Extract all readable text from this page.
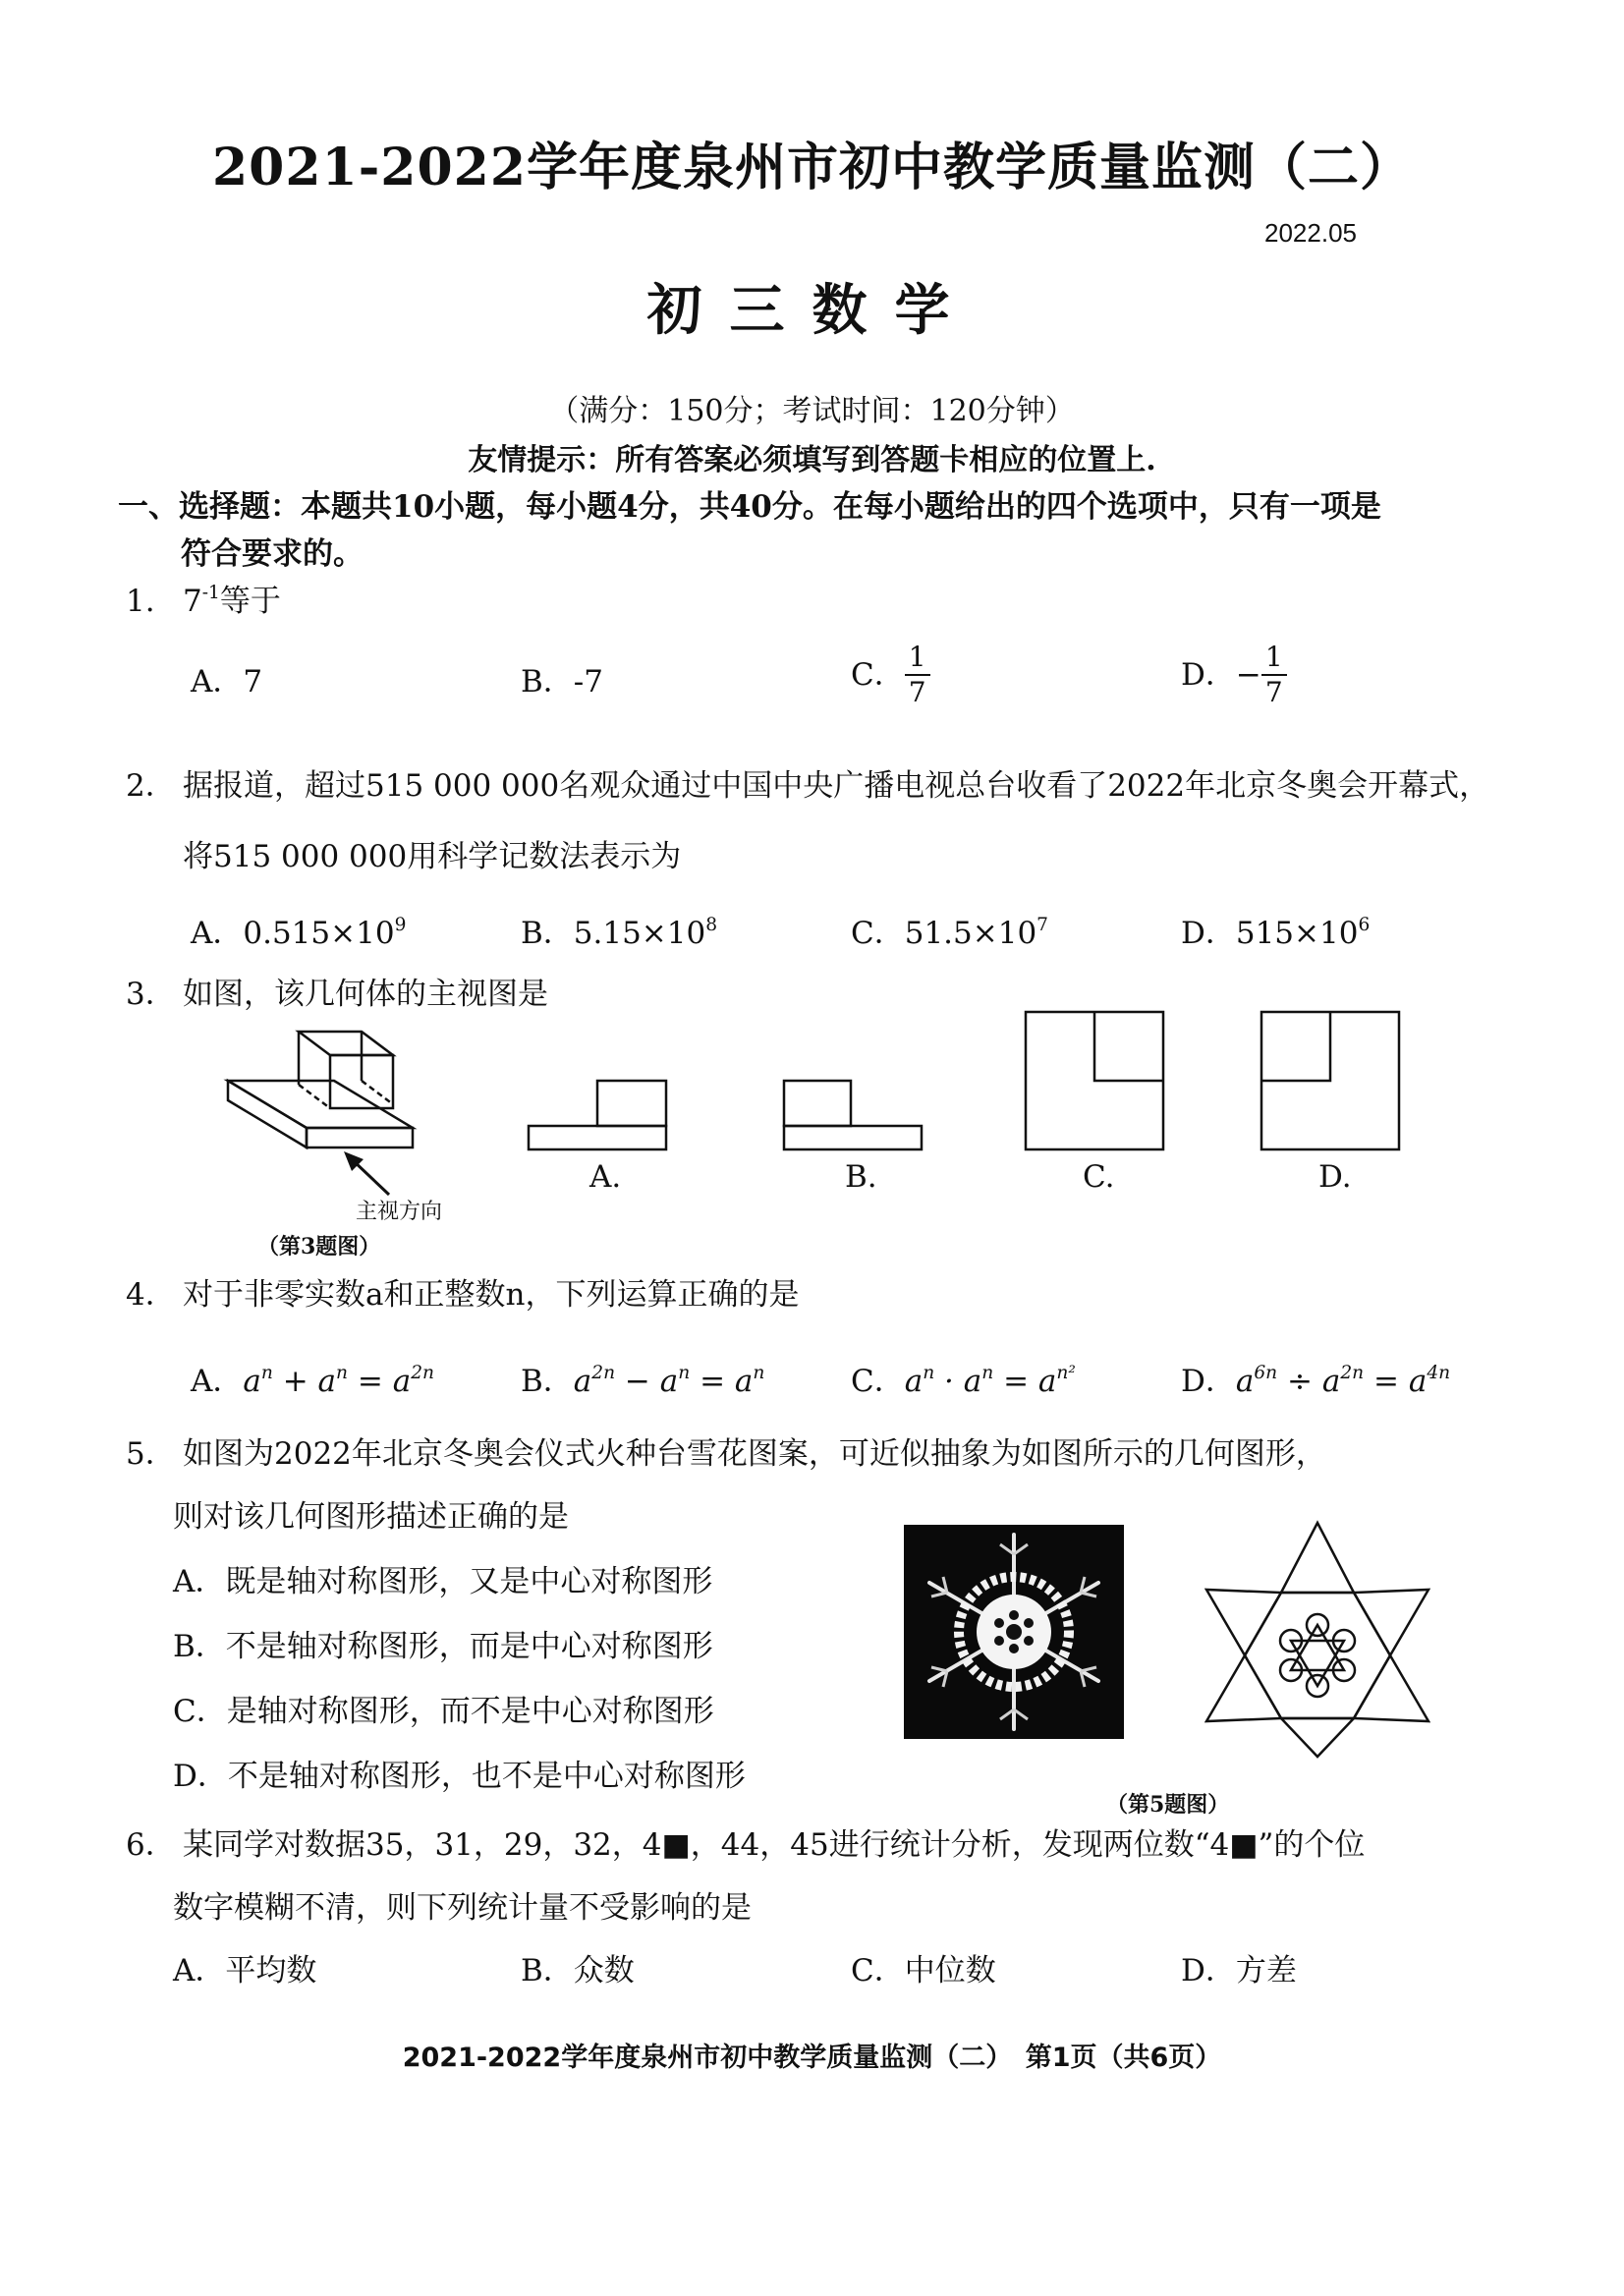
2021-2022学年度泉州市初中教学质量监测（二）
2022.05
初三数学
（满分：150分；考试时间：120分钟）
友情提示：所有答案必须填写到答题卡相应的位置上.
一、选择题：本题共10小题，每小题4分，共40分。在每小题给出的四个选项中，只有一项是
符合要求的。
1. $7^{-1}$等于
A．7	B．-7	C． $\frac{1}{7}$	D．− $\frac{1}{7}$
2． 据报道，超过515 000 000名观众通过中国中央广播电视总台收看了2022年北京冬奥会开幕式，
将515 000 000用科学记数法表示为
A．$0.515\times 10^9$	B．$5.15\times 10^8$	C．$51.5\times 10^7$	D．$515\times 10^6$
3． 如图，该几何体的主视图是
主视方向
（第3题图）
A.	B.	C.	D.
4． 对于非零实数a和正整数n，下列运算正确的是
A．$a^n + a^n = a^{2n}$	B．$a^{2n} - a^n = a^n$	C．$a^n \cdot a^n = a^{n^2}$	D．$a^{6n} \div a^{2n} = a^{4n}$
5． 如图为2022年北京冬奥会仪式火种台雪花图案，可近似抽象为如图所示的几何图形，
则对该几何图形描述正确的是
A．既是轴对称图形，又是中心对称图形
B．不是轴对称图形，而是中心对称图形
C．是轴对称图形，而不是中心对称图形
D．不是轴对称图形，也不是中心对称图形
（第5题图）
6． 某同学对数据35，31，29，32，4■，44，45进行统计分析，发现两位数“4■”的个位
数字模糊不清，则下列统计量不受影响的是
A．平均数	B．众数	C．中位数	D．方差
2021-2022学年度泉州市初中教学质量监测（二）　第1页（共6页）
